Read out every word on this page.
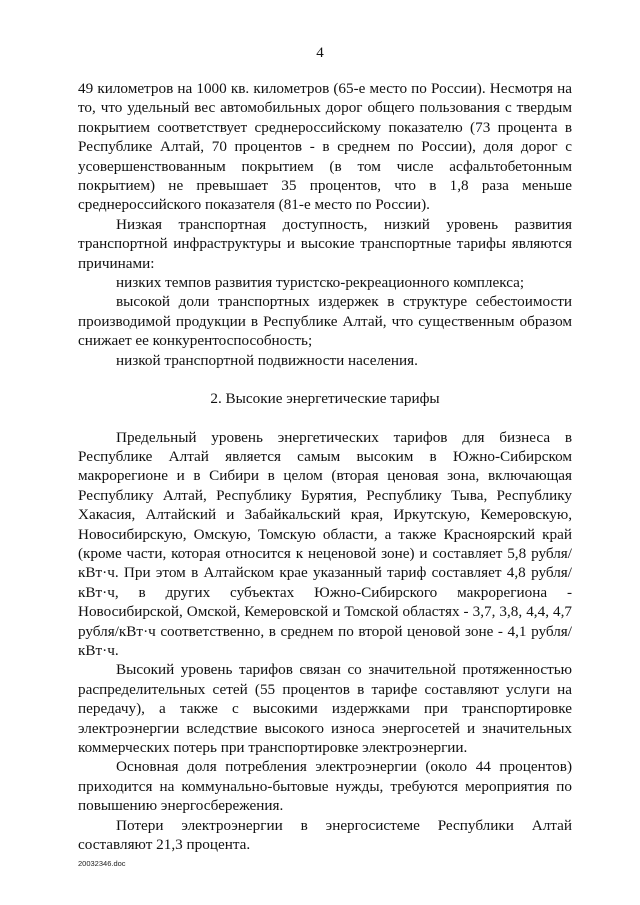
4

49 километров на 1000 кв. километров (65-е место по России). Несмотря на то, что удельный вес автомобильных дорог общего пользования с твердым покрытием соответствует среднероссийскому показателю (73 процента в Республике Алтай, 70 процентов - в среднем по России), доля дорог с усовершенствованным покрытием (в том числе асфальтобетонным покрытием) не превышает 35 процентов, что в 1,8 раза меньше среднероссийского показателя (81-е место по России).

Низкая транспортная доступность, низкий уровень развития транспортной инфраструктуры и высокие транспортные тарифы являются причинами:

низких темпов развития туристско-рекреационного комплекса;

высокой доли транспортных издержек в структуре себестоимости производимой продукции в Республике Алтай, что существенным образом снижает ее конкурентоспособность;

низкой транспортной подвижности населения.

2. Высокие энергетические тарифы

Предельный уровень энергетических тарифов для бизнеса в Республике Алтай является самым высоким в Южно-Сибирском макрорегионе и в Сибири в целом (вторая ценовая зона, включающая Республику Алтай, Республику Бурятия, Республику Тыва, Республику Хакасия, Алтайский и Забайкальский края, Иркутскую, Кемеровскую, Новосибирскую, Омскую, Томскую области, а также Красноярский край (кроме части, которая относится к неценовой зоне) и составляет 5,8 рубля/кВт·ч. При этом в Алтайском крае указанный тариф составляет 4,8 рубля/кВт·ч, в других субъектах Южно-Сибирского макрорегиона - Новосибирской, Омской, Кемеровской и Томской областях - 3,7, 3,8, 4,4, 4,7 рубля/кВт·ч соответственно, в среднем по второй ценовой зоне - 4,1 рубля/кВт·ч.

Высокий уровень тарифов связан со значительной протяженностью распределительных сетей (55 процентов в тарифе составляют услуги на передачу), а также с высокими издержками при транспортировке электроэнергии вследствие высокого износа энергосетей и значительных коммерческих потерь при транспортировке электроэнергии.

Основная доля потребления электроэнергии (около 44 процентов) приходится на коммунально-бытовые нужды, требуются мероприятия по повышению энергосбережения.

Потери электроэнергии в энергосистеме Республики Алтай составляют 21,3 процента.

20032346.doc
